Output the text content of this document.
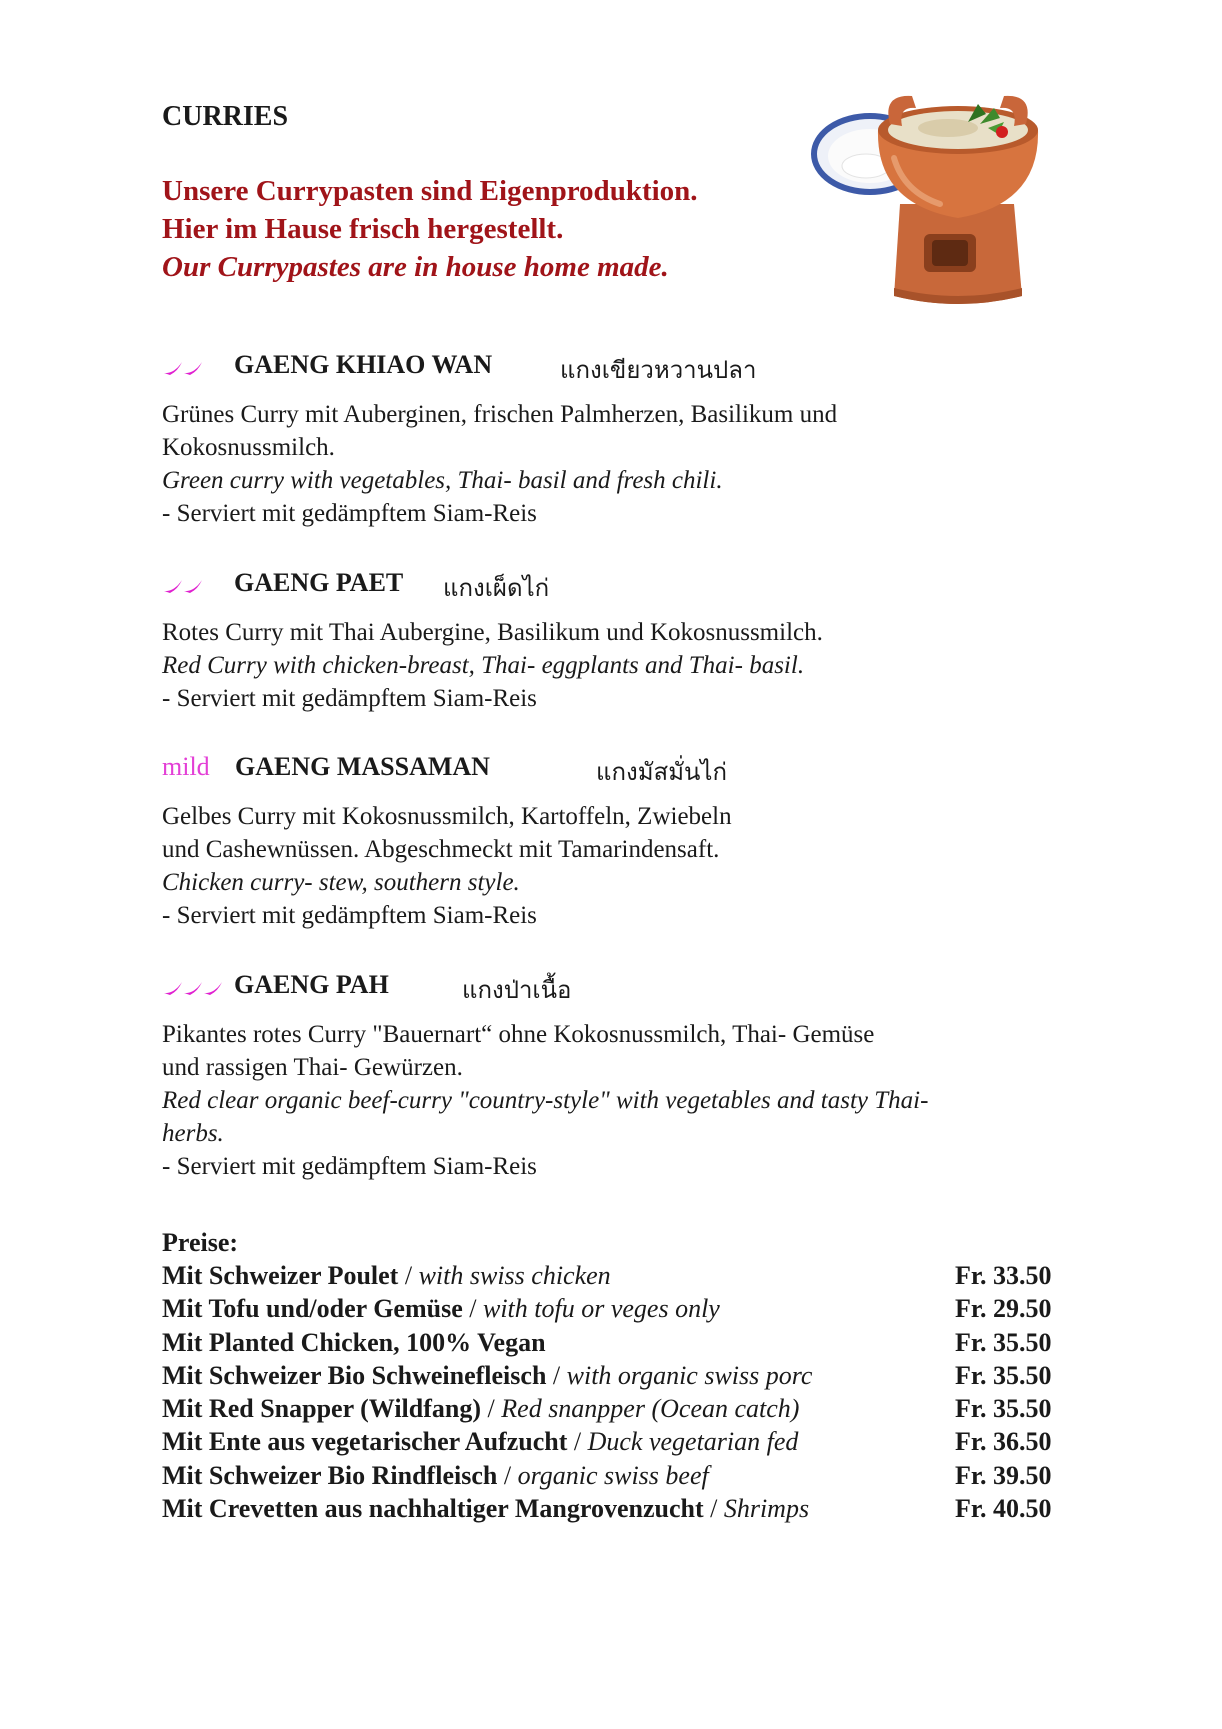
CURRIES
Unsere Currypasten sind Eigenproduktion.
Hier im Hause frisch hergestellt.
Our Currypastes are in house home made.
GAENG KHIAO WAN	แกงเขียวหวานปลา
Grünes Curry mit Auberginen, frischen Palmherzen, Basilikum und
Kokosnussmilch.
Green curry with vegetables, Thai- basil and fresh chili.
- Serviert mit gedämpftem Siam-Reis
GAENG PAET แกงเผ็ดไก่
Rotes Curry mit Thai Aubergine, Basilikum und Kokosnussmilch.
Red Curry with chicken-breast, Thai- eggplants and Thai- basil.
- Serviert mit gedämpftem Siam-Reis
mild GAENG MASSAMAN	แกงมัสมั่นไก่
Gelbes Curry mit Kokosnussmilch, Kartoffeln, Zwiebeln
und Cashewnüssen. Abgeschmeckt mit Tamarindensaft.
Chicken curry- stew, southern style.
- Serviert mit gedämpftem Siam-Reis
GAENG PAH	แกงป่าเนื้อ
Pikantes rotes Curry "Bauernart“ ohne Kokosnussmilch, Thai- Gemüse
und rassigen Thai- Gewürzen.
Red clear organic beef-curry "country-style" with vegetables and tasty Thai-
herbs.
- Serviert mit gedämpftem Siam-Reis
Preise:
Mit Schweizer Poulet / with swiss chicken	Fr. 33.50
Mit Tofu und/oder Gemüse / with tofu or veges only	Fr. 29.50
Mit Planted Chicken, 100% Vegan	Fr. 35.50
Mit Schweizer Bio Schweinefleisch / with organic swiss porc	Fr. 35.50
Mit Red Snapper (Wildfang) / Red snanpper (Ocean catch)	Fr. 35.50
Mit Ente aus vegetarischer Aufzucht / Duck vegetarian fed	Fr. 36.50
Mit Schweizer Bio Rindfleisch / organic swiss beef	Fr. 39.50
Mit Crevetten aus nachhaltiger Mangrovenzucht / Shrimps	Fr. 40.50
